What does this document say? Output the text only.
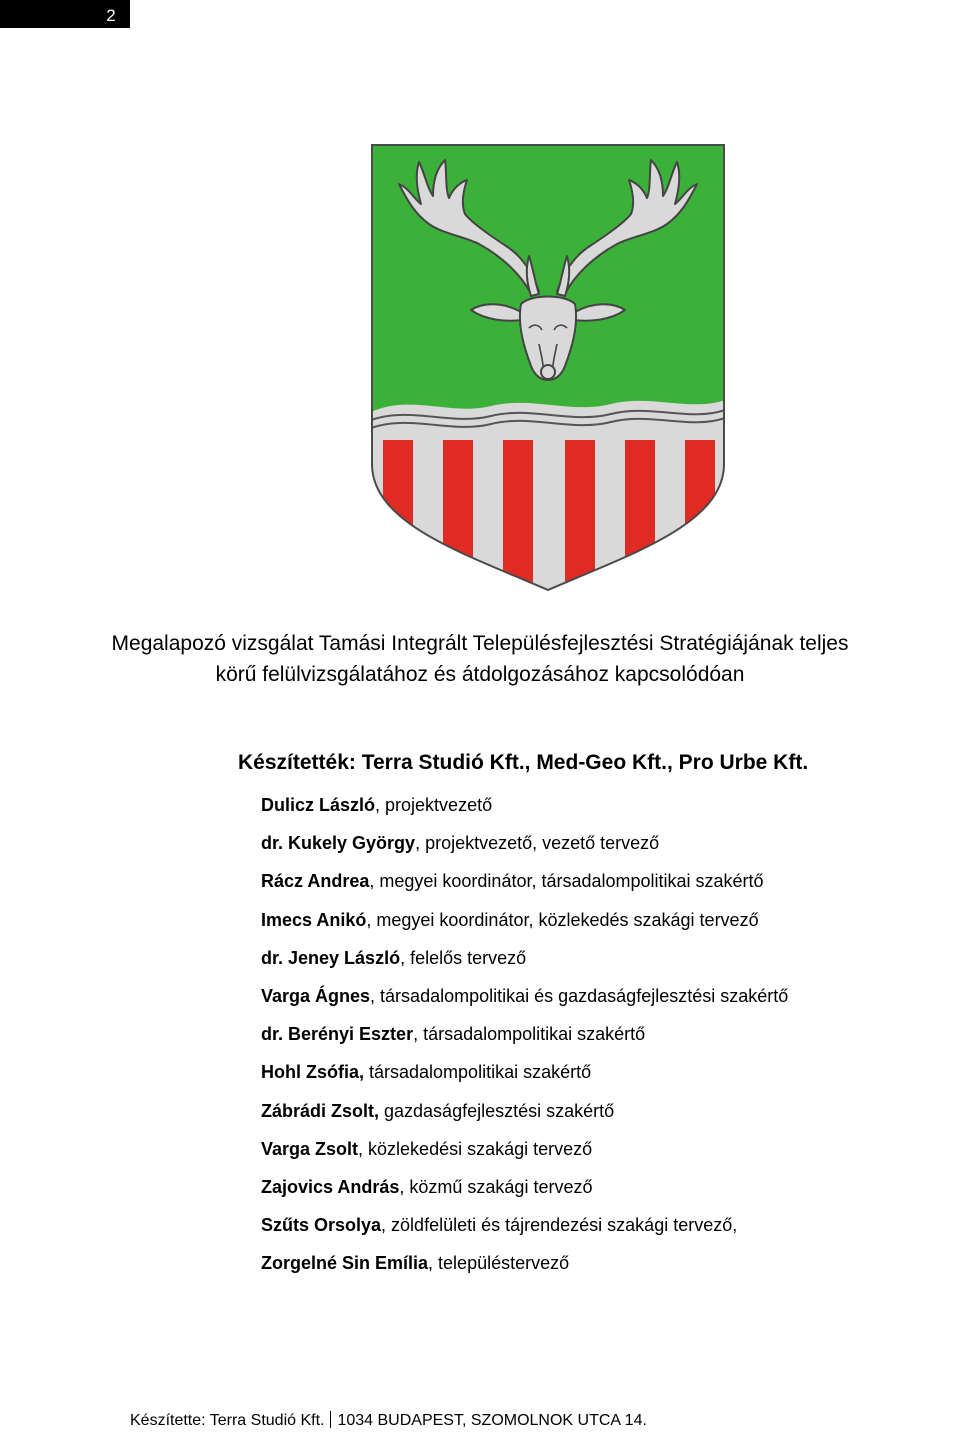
2
Megalapozó vizsgálat Tamási Integrált Településfejlesztési Stratégiájának teljes
körű felülvizsgálatához és átdolgozásához kapcsolódóan
Készítették: Terra Studió Kft., Med-Geo Kft., Pro Urbe Kft.
Dulicz László, projektvezető
dr. Kukely György, projektvezető, vezető tervező
Rácz Andrea, megyei koordinátor, társadalompolitikai szakértő
Imecs Anikó, megyei koordinátor, közlekedés szakági tervező
dr. Jeney László, felelős tervező
Varga Ágnes, társadalompolitikai és gazdaságfejlesztési szakértő
dr. Berényi Eszter, társadalompolitikai szakértő
Hohl Zsófia, társadalompolitikai szakértő
Zábrádi Zsolt, gazdaságfejlesztési szakértő
Varga Zsolt, közlekedési szakági tervező
Zajovics András, közmű szakági tervező
Szűts Orsolya, zöldfelületi és tájrendezési szakági tervező,
Zorgelné Sin Emília, településtervező
Készítette: Terra Studió Kft. 1034 BUDAPEST, SZOMOLNOK UTCA 14.
